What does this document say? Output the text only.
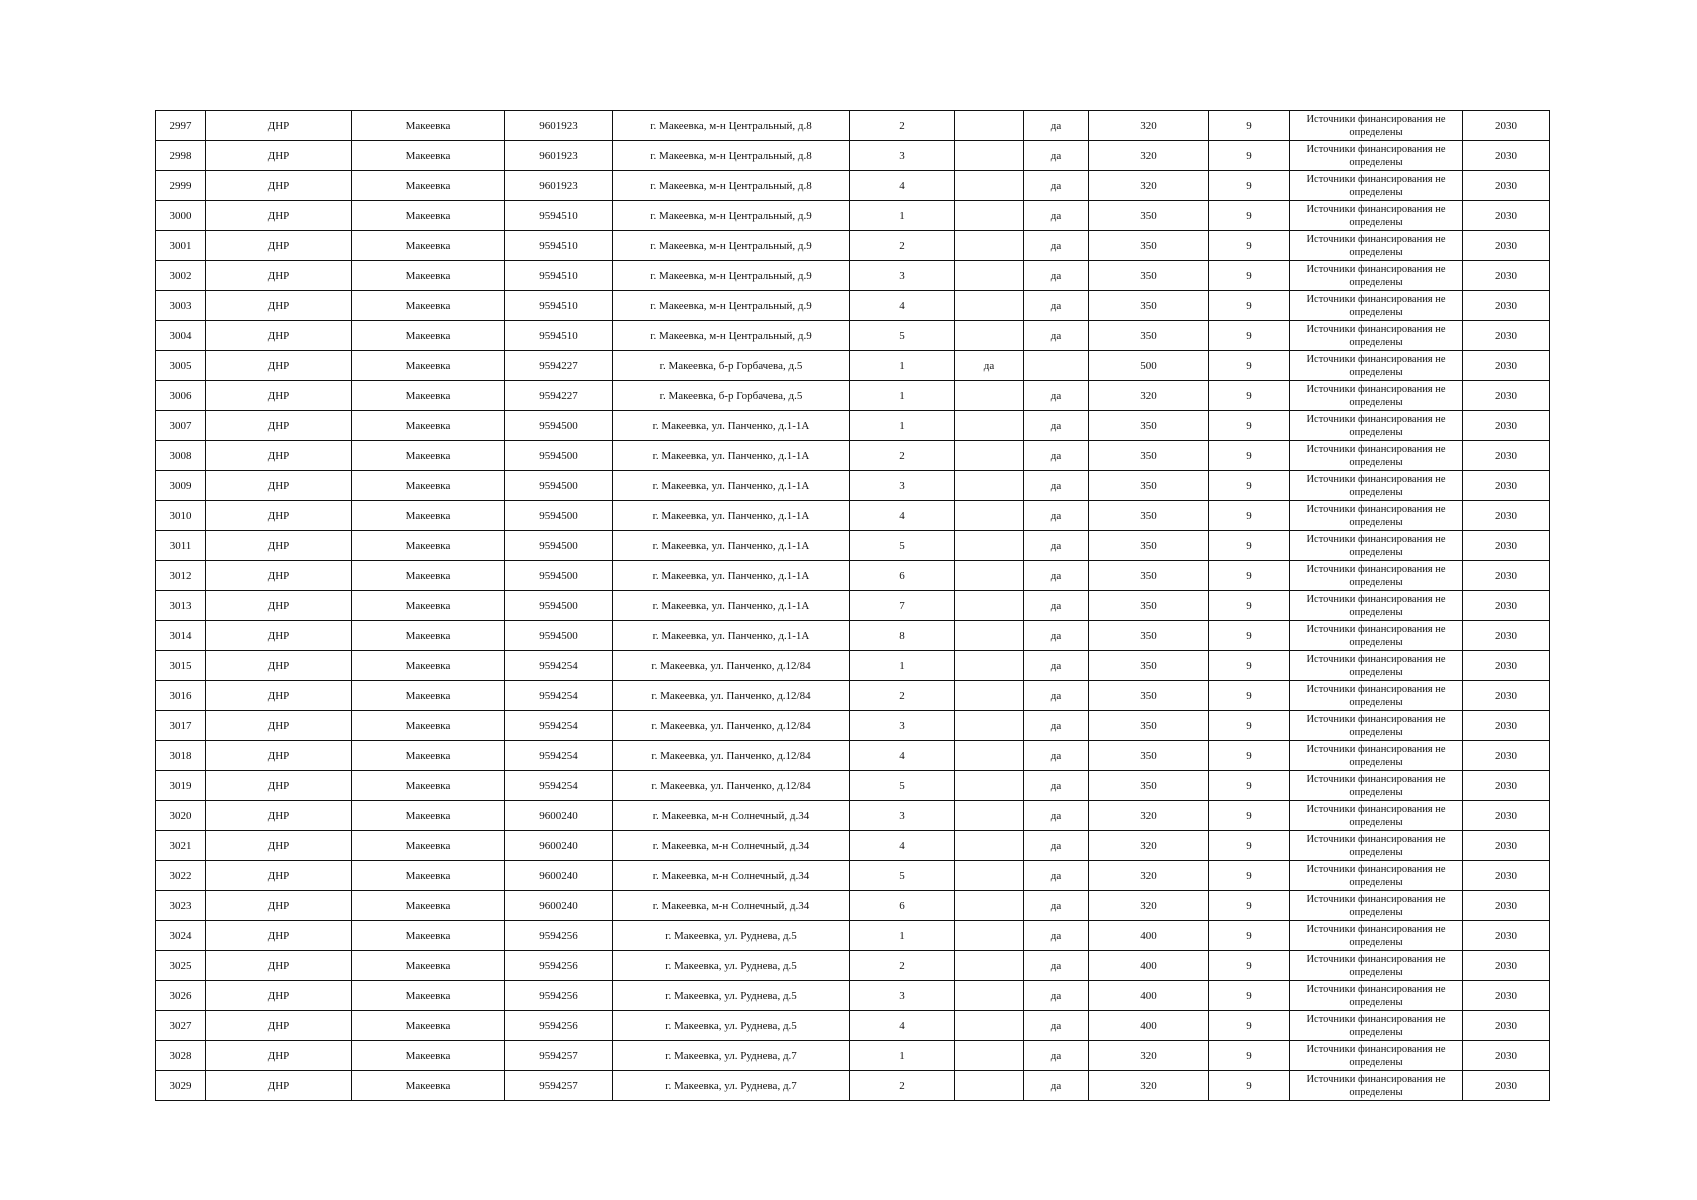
2997	ДНР	Макеевка	9601923	г. Макеевка, м-н Центральный, д.8	2		да	320	9	Источники финансирования не определены	2030
2998	ДНР	Макеевка	9601923	г. Макеевка, м-н Центральный, д.8	3		да	320	9	Источники финансирования не определены	2030
2999	ДНР	Макеевка	9601923	г. Макеевка, м-н Центральный, д.8	4		да	320	9	Источники финансирования не определены	2030
3000	ДНР	Макеевка	9594510	г. Макеевка, м-н Центральный, д.9	1		да	350	9	Источники финансирования не определены	2030
3001	ДНР	Макеевка	9594510	г. Макеевка, м-н Центральный, д.9	2		да	350	9	Источники финансирования не определены	2030
3002	ДНР	Макеевка	9594510	г. Макеевка, м-н Центральный, д.9	3		да	350	9	Источники финансирования не определены	2030
3003	ДНР	Макеевка	9594510	г. Макеевка, м-н Центральный, д.9	4		да	350	9	Источники финансирования не определены	2030
3004	ДНР	Макеевка	9594510	г. Макеевка, м-н Центральный, д.9	5		да	350	9	Источники финансирования не определены	2030
3005	ДНР	Макеевка	9594227	г. Макеевка, б-р Горбачева, д.5	1	да		500	9	Источники финансирования не определены	2030
3006	ДНР	Макеевка	9594227	г. Макеевка, б-р Горбачева, д.5	1		да	320	9	Источники финансирования не определены	2030
3007	ДНР	Макеевка	9594500	г. Макеевка, ул. Панченко, д.1-1А	1		да	350	9	Источники финансирования не определены	2030
3008	ДНР	Макеевка	9594500	г. Макеевка, ул. Панченко, д.1-1А	2		да	350	9	Источники финансирования не определены	2030
3009	ДНР	Макеевка	9594500	г. Макеевка, ул. Панченко, д.1-1А	3		да	350	9	Источники финансирования не определены	2030
3010	ДНР	Макеевка	9594500	г. Макеевка, ул. Панченко, д.1-1А	4		да	350	9	Источники финансирования не определены	2030
3011	ДНР	Макеевка	9594500	г. Макеевка, ул. Панченко, д.1-1А	5		да	350	9	Источники финансирования не определены	2030
3012	ДНР	Макеевка	9594500	г. Макеевка, ул. Панченко, д.1-1А	6		да	350	9	Источники финансирования не определены	2030
3013	ДНР	Макеевка	9594500	г. Макеевка, ул. Панченко, д.1-1А	7		да	350	9	Источники финансирования не определены	2030
3014	ДНР	Макеевка	9594500	г. Макеевка, ул. Панченко, д.1-1А	8		да	350	9	Источники финансирования не определены	2030
3015	ДНР	Макеевка	9594254	г. Макеевка, ул. Панченко, д.12/84	1		да	350	9	Источники финансирования не определены	2030
3016	ДНР	Макеевка	9594254	г. Макеевка, ул. Панченко, д.12/84	2		да	350	9	Источники финансирования не определены	2030
3017	ДНР	Макеевка	9594254	г. Макеевка, ул. Панченко, д.12/84	3		да	350	9	Источники финансирования не определены	2030
3018	ДНР	Макеевка	9594254	г. Макеевка, ул. Панченко, д.12/84	4		да	350	9	Источники финансирования не определены	2030
3019	ДНР	Макеевка	9594254	г. Макеевка, ул. Панченко, д.12/84	5		да	350	9	Источники финансирования не определены	2030
3020	ДНР	Макеевка	9600240	г. Макеевка, м-н Солнечный, д.34	3		да	320	9	Источники финансирования не определены	2030
3021	ДНР	Макеевка	9600240	г. Макеевка, м-н Солнечный, д.34	4		да	320	9	Источники финансирования не определены	2030
3022	ДНР	Макеевка	9600240	г. Макеевка, м-н Солнечный, д.34	5		да	320	9	Источники финансирования не определены	2030
3023	ДНР	Макеевка	9600240	г. Макеевка, м-н Солнечный, д.34	6		да	320	9	Источники финансирования не определены	2030
3024	ДНР	Макеевка	9594256	г. Макеевка, ул. Руднева, д.5	1		да	400	9	Источники финансирования не определены	2030
3025	ДНР	Макеевка	9594256	г. Макеевка, ул. Руднева, д.5	2		да	400	9	Источники финансирования не определены	2030
3026	ДНР	Макеевка	9594256	г. Макеевка, ул. Руднева, д.5	3		да	400	9	Источники финансирования не определены	2030
3027	ДНР	Макеевка	9594256	г. Макеевка, ул. Руднева, д.5	4		да	400	9	Источники финансирования не определены	2030
3028	ДНР	Макеевка	9594257	г. Макеевка, ул. Руднева, д.7	1		да	320	9	Источники финансирования не определены	2030
3029	ДНР	Макеевка	9594257	г. Макеевка, ул. Руднева, д.7	2		да	320	9	Источники финансирования не определены	2030
